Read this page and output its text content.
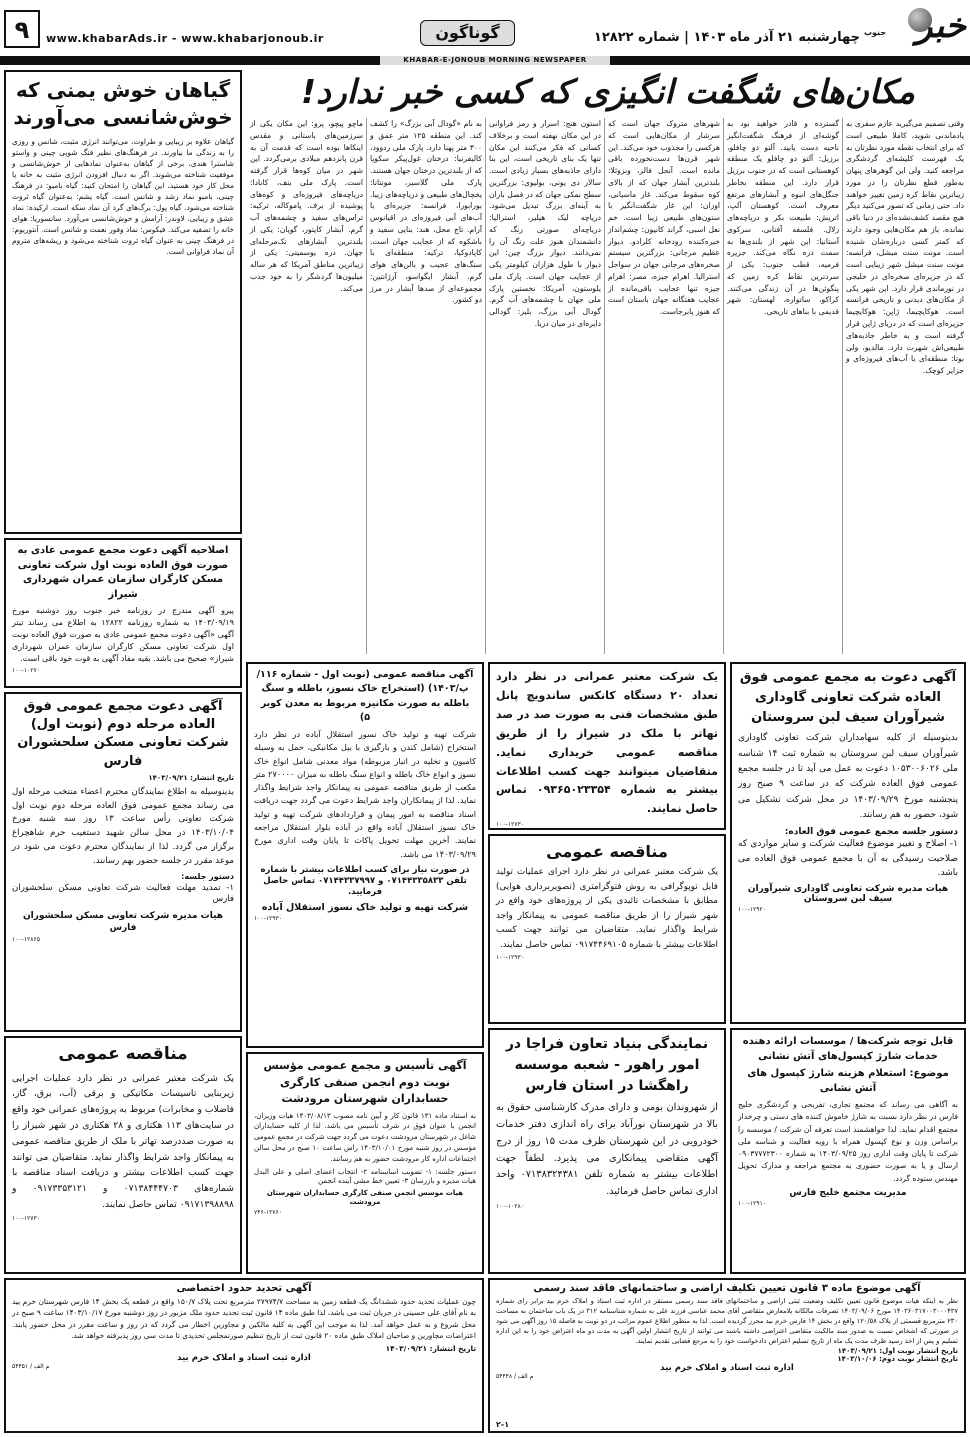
۹	www.khabarAds.ir - www.khabarjonoub.ir	گوناگون	چهارشنبه ۲۱ آذر ماه ۱۴۰۳ | شماره ۱۲۸۲۲	خبر
جنوب
KHABAR-E-JONOUB MORNING NEWSPAPER
گیاهان خوش یمنی که خوش‌شانسی می‌آورند
گیاهان علاوه بر زیبایی و طراوت، می‌توانند انرژی مثبت، شانس و روزی را به زندگی ما بیاورند. در فرهنگ‌های نظیر فنگ شویی چینی و واستو شاسترا هندی، برخی از گیاهان به‌عنوان نمادهایی از خوش‌شانسی و موفقیت شناخته می‌شوند. اگر به دنبال افزودن انرژی مثبت به خانه یا محل کار خود هستید، این گیاهان را امتحان کنید: گیاه بامبو: در فرهنگ چینی، بامبو نماد رشد و شانس است. گیاه یشم: به‌عنوان گیاه ثروت شناخته می‌شود. گیاه پول: برگ‌های گرد آن نماد سکه است. ارکیده: نماد عشق و زیبایی. لاوندر: آرامش و خوش‌شانسی می‌آورد. سانسوریا: هوای خانه را تصفیه می‌کند. فیکوس: نماد وفور نعمت و شانس است. آنتوریوم: در فرهنگ چینی به عنوان گیاه ثروت شناخته می‌شود و ریشه‌های متروم آن نماد فراوانی است.
مکان‌های شگفت انگیزی که کسی خبر ندارد!
وقتی تصمیم می‌گیرید عازم سفری به یادماندنی شوید، کاملا طبیعی است که برای انتخاب نقطه مورد نظرتان به یک فهرست کلیشه‌ای گردشگری مراجعه کنید. ولی این گوهرهای پنهان به‌طور قطع نظرتان را در مورد زیباترین نقاط کره زمین تغییر خواهند داد. حتی زمانی که تصور می‌کنید دیگر هیچ مقصد کشف‌نشده‌ای در دنیا باقی نمانده، باز هم مکان‌هایی وجود دارند که کمتر کسی درباره‌شان شنیده است. مونت سنت میشل، فرانسه: مونت سنت میشل شهر زیبایی است که در جزیره‌ای صخره‌ای در خلیجی در نورماندی قرار دارد. این شهر یکی از مکان‌های دیدنی و تاریخی فرانسه است. هوکایچیما، ژاپن: هوکایچیما جزیره‌ای است که در دریای ژاپن قرار گرفته است و به خاطر جاذبه‌های طبیعی‌اش شهرت دارد. مالدیو، ولی بوتا: منطقه‌ای با آب‌های فیروزه‌ای و جزایر کوچک.
گسترده و قادر خواهید بود به گوشه‌ای از فرهنگ شگفت‌انگیز ناحیه دست یابید. آلتو دو چافلو، برزیل: آلتو دو چافلو یک منطقه کوهستانی است که در جنوب برزیل قرار دارد. این منطقه بخاطر جنگل‌های انبوه و آبشارهای مرتفع معروف است. کوهستان آلپ، اتریش: طبیعت بکر و دریاچه‌های زلال. فلسفه آفتابی، سرکوی آستانیا: این شهر از بلندی‌ها به سمت دره نگاه می‌کند. جزیره فرمیه، قطب جنوب: یکی از سردترین نقاط کره زمین که پنگوئن‌ها در آن زندگی می‌کنند. کراکو، ساتواره، لهستان: شهر قدیمی با بناهای تاریخی.
شهرهای متروک جهان است که سرشار از مکان‌هایی است که هرکسی را مجذوب خود می‌کند. این شهر قرن‌ها دست‌نخورده باقی مانده است. آنجل فالز، ونزوئلا: بلندترین آبشار جهان که از بالای کوه سقوط می‌کند. غار ماسیانی، اوزان: این غار شگفت‌انگیز با ستون‌های طبیعی زیبا است. خم نعل اسبی، گراند کانیون: چشم‌انداز خیره‌کننده رودخانه کلرادو. دیوار عظیم مرجانی: بزرگترین سیستم صخره‌های مرجانی جهان در سواحل استرالیا. اهرام جیزه، مصر: اهرام جیزه تنها عجایب باقی‌مانده از عجایب هفتگانه جهان باستان است که هنوز پابرجاست.
استون هنج: اسرار و رمز فراوانی در این مکان نهفته است و برخلاف کسانی که فکر می‌کنند این مکان تنها یک بنای تاریخی است، این بنا دارای جاذبه‌های بسیار زیادی است. سالار دی یونی، بولیوی: بزرگترین سطح نمکی جهان که در فصل باران به آینه‌ای بزرگ تبدیل می‌شود. دریاچه لیک هیلیر، استرالیا: دریاچه‌ای صورتی رنگ که دانشمندان هنوز علت رنگ آن را نمی‌دانند. دیوار بزرگ چین: این دیوار با طول هزاران کیلومتر یکی از عجایب جهان است. پارک ملی یلوستون، آمریکا: نخستین پارک ملی جهان با چشمه‌های آب گرم. گودال آبی بزرگ، بلیز: گودالی دایره‌ای در میان دریا.
به نام «گودال آبی بزرگ» را کشف کند. این منطقه ۱۲۵ متر عمق و ۳۰۰ متر پهنا دارد. پارک ملی ردوود، کالیفرنیا: درختان غول‌پیکر سکویا که از بلندترین درختان جهان هستند. پارک ملی گلاسیر، مونتانا: یخچال‌های طبیعی و دریاچه‌های زیبا. بورابورا، فرانسه: جزیره‌ای با آب‌های آبی فیروزه‌ای در اقیانوس آرام. تاج محل، هند: بنایی سفید و باشکوه که از عجایب جهان است. کاپادوکیا، ترکیه: منطقه‌ای با سنگ‌های عجیب و بالن‌های هوای گرم. آبشار ایگواسو، آرژانتین: مجموعه‌ای از صدها آبشار در مرز دو کشور.
ماچو پیچو، پرو: این مکان یکی از سرزمین‌های باستانی و مقدس اینکاها بوده است که قدمت آن به قرن پانزدهم میلادی برمی‌گردد. این شهر در میان کوه‌ها قرار گرفته است. پارک ملی بنف، کانادا: دریاچه‌های فیروزه‌ای و کوه‌های پوشیده از برف. پاموکاله، ترکیه: تراس‌های سفید و چشمه‌های آب گرم. آبشار کایتور، گویان: یکی از بلندترین آبشارهای تک‌مرحله‌ای جهان. دره یوسمیتی: یکی از زیباترین مناطق آمریکا که هر ساله میلیون‌ها گردشگر را به خود جذب می‌کند.
اصلاحیه آگهی دعوت مجمع عمومی عادی به صورت فوق العاده نوبت اول شرکت تعاونی مسکن کارگران سازمان عمران شهرداری شیراز
پیرو آگهی مندرج در روزنامه خبر جنوب روز دوشنبه مورخ ۱۴۰۳/۰۹/۱۹ به شماره روزنامه ۱۲۸۲۲ به اطلاع می رساند تیتر آگهی «آگهی دعوت مجمع عمومی عادی به صورت فوق العاده نوبت اول شرکت تعاونی مسکن کارگران سازمان عمران شهرداری شیراز» صحیح می باشد. بقیه مفاد آگهی به قوت خود باقی است.
۱۰۰-۱۰۲۷۰
آگهی دعوت مجمع عمومی فوق العاده مرحله دوم (نوبت اول) شرکت تعاونی مسکن سلحشوران فارس
تاریخ انتشار: ۱۴۰۳/۰۹/۲۱
بدینوسیله به اطلاع نمایندگان محترم اعضاء منتخب مرحله اول می رساند مجمع عمومی فوق العاده مرحله دوم نوبت اول شرکت تعاونی رأس ساعت ۱۳ روز سه شنبه مورخ ۱۴۰۳/۱۰/۰۴ در محل سالن شهید دستغیب حرم شاهچراغ برگزار می گردد. لذا از نمایندگان محترم دعوت می شود در موعد مقرر در جلسه حضور بهم رسانند.
دستور جلسه:
۱- تمدید مهلت فعالیت شرکت تعاونی مسکن سلحشوران فارس
هیات مدیره شرکت تعاونی مسکن سلحشوران فارس
۱۰۰-۱۲۸۶۵
مناقصه عمومی
یک شرکت معتبر عمرانی در نظر دارد عملیات اجرایی زیربنایی تاسیسات مکانیکی و برقی (آب، برق، گاز، فاضلاب و مخابرات) مربوط به پروژه‌های عمرانی خود واقع در سایت‌های ۱۱۳ هکتاری و ۲۸ هکتاری در شهر شیراز را به صورت صددرصد تهاتر با ملک از طریق مناقصه عمومی به پیمانکار واجد شرایط واگذار نماید. متقاضیان می توانند جهت کسب اطلاعات بیشتر و دریافت اسناد مناقصه با شماره‌های ۰۷۱۳۸۴۴۴۷۰۳ و ۰۹۱۷۳۳۵۳۱۲۱ و ۰۹۱۷۱۳۹۸۸۹۸ تماس حاصل نمایند.
۱۰۰-۱۲۷۳۰
آگهی مناقصه عمومی (نوبت اول - شماره ۱۱۶/پ/۱۴۰۳) (استخراج خاک نسوز، باطله و سنگ باطله به صورت مکانیزه مربوط به معدن کوبر ۵)
شرکت تهیه و تولید خاک نسوز استقلال آباده در نظر دارد استخراج (شامل کندن و بارگیری با بیل مکانیکی، حمل به وسیله کامیون و تخلیه در انبار مربوطه) مواد معدنی شامل انواع خاک نسوز و انواع خاک باطله و انواع سنگ باطله به میزان ۲۷۰۰۰۰ متر مکعب از طریق مناقصه عمومی به پیمانکار واجد شرایط واگذار نماید. لذا از پیمانکاران واجد شرایط دعوت می گردد جهت دریافت اسناد مناقصه به امور پیمان و قراردادهای شرکت تهیه و تولید خاک نسوز استقلال آباده واقع در آباده بلوار استقلال مراجعه نمایند. آخرین مهلت تحویل پاکات تا پایان وقت اداری مورخ ۱۴۰۳/۰۹/۲۹ می باشد.
در صورت نیاز برای کسب اطلاعات بیشتر با شماره تلفن ۰۷۱۴۴۳۳۵۸۳۳ و ۰۷۱۴۴۳۳۷۹۹۷ تماس حاصل فرمایید.
شرکت تهیه و تولید خاک نسوز استقلال آباده
۱۰۰-۱۲۹۳۰
آگهی تأسیس و مجمع عمومی مؤسس نوبت دوم انجمن صنفی کارگری حسابداران شهرستان مرودشت
به استناد ماده ۱۳۱ قانون کار و آیین نامه مصوب ۱۴۰۳/۰۸/۱۳ هیات وزیران، انجمن با عنوان فوق در شرف تأسیس می باشد. لذا از کلیه حسابداران شاغل در شهرستان مرودشت دعوت می گردد جهت شرکت در مجمع عمومی مؤسس در روز شنبه مورخ ۱۴۰۳/۱۰/۰۱ راس ساعت ۱۰ صبح در محل سالن اجتماعات اداره کار مرودشت حضور به هم رسانند.
دستور جلسه: ۱- تصویب اساسنامه ۲- انتخاب اعضای اصلی و علی البدل هیات مدیره و بازرسان ۳- تعیین خط مشی آینده انجمن
هیات موسس انجمن صنفی کارگری حسابداران شهرستان مرودشت
۷۴۶-۱۲۷۶۰
یک شرکت معتبر عمرانی در نظر دارد تعداد ۲۰ دستگاه کانکس ساندویچ پانل طبق مشخصات فنی به صورت صد در صد تهاتر با ملک در شیراز را از طریق مناقصه عمومی خریداری نماید. متقاضیان میتوانند جهت کسب اطلاعات بیشتر به شماره ۰۹۳۶۵۰۲۳۳۵۴ تماس حاصل نمایند.
۱۰۰-۱۲۷۳۰
مناقصه عمومی
یک شرکت معتبر عمرانی در نظر دارد اجرای عملیات تولید فایل توپوگرافی به روش فتوگرامتری (تصویربرداری هوایی) مطابق با مشخصات تائیدی یکی از پروژه‌های خود واقع در شهر شیراز را از طریق مناقصه عمومی به پیمانکار واجد شرایط واگذار نماید. متقاضیان می توانند جهت کسب اطلاعات بیشتر با شماره ۰۹۱۷۴۴۶۹۱۰۵ تماس حاصل نمایند.
۱۰۰-۱۲۹۳۰
نمایندگی بنیاد تعاون فراجا در امور راهور - شعبه موسسه راهگشا در استان فارس
از شهروندان بومی و دارای مدرک کارشناسی حقوق به بالا در شهرستان نورآباد برای راه اندازی دفتر خدمات خودرویی در این شهرستان ظرف مدت ۱۵ روز از درج آگهی متقاضی پیمانکاری می پذیرد. لطفاً جهت اطلاعات بیشتر به شماره تلفن ۰۷۱۳۸۳۲۴۳۸۱ واحد اداری تماس حاصل فرمائید.
۱۰۰-۱۰۲۸۰
آگهی دعوت به مجمع عمومی فوق العاده شرکت تعاونی گاوداری شیرآوران سیف لبن سروستان
بدینوسیله از کلیه سهامداران شرکت تعاونی گاوداری شیرآوران سیف لبن سروستان به شماره ثبت ۱۴ شناسه ملی ۱۰۵۳۰۰۶۰۲۶ دعوت به عمل می آید تا در جلسه مجمع عمومی فوق العاده شرکت که در ساعت ۹ صبح روز پنجشنبه مورخ ۱۴۰۳/۰۹/۲۹ در محل شرکت تشکیل می شود، حضور به هم رسانند.
دستور جلسه مجمع عمومی فوق العاده:
۱- اصلاح و تغییر موضوع فعالیت شرکت و سایر مواردی که صلاحیت رسیدگی به آن با مجمع عمومی فوق العاده می باشد.
هیات مدیره شرکت تعاونی گاوداری شیرآوران سیف لبن سروستان
۱۰۰-۱۲۹۲۰
قابل توجه شرکت‌ها / موسسات ارائه دهنده خدمات شارژ کپسول‌های آتش نشانی
موضوع: استعلام هزینه شارژ کپسول های آتش نشانی
به آگاهی می رساند که مجتمع تجاری، تفریحی و گردشگری خلیج فارس در نظر دارد نسبت به شارژ خاموش کننده های دستی و چرخدار مجتمع اقدام نماید. لذا خواهشمند است تعرفه آن شرکت / موسسه را براساس وزن و نوع کپسول همراه با رویه فعالیت و شناسه ملی شرکت تا پایان وقت اداری روز ۱۴۰۳/۰۹/۲۵ به شماره ۰۹۰۳۷۷۷۲۳۰۰ ارسال و یا به صورت حضوری به مجتمع مراجعه و مدارک تحویل مهندس ستوده گردد.
مدیریت مجتمع خلیج فارس
۱۰۰-۱۲۹۱۰
آگهی تحدید حدود اختصاصی
چون عملیات تحدید حدود ششدانگ یک قطعه زمین به مساحت ۲۷۹۷۴/۷ مترمربع تحت پلاک ۱۵۰/۷ واقع در قطعه یک بخش ۱۴ فارس شهرستان خرم بید به نام آقای علی حسینی در جریان ثبت می باشد، لذا طبق ماده ۱۴ قانون ثبت تحدید حدود ملک مزبور در روز دوشنبه مورخ ۱۴۰۳/۱۰/۱۷ ساعت ۹ صبح در محل شروع و به عمل خواهد آمد. لذا به موجب این آگهی به کلیه مالکین و مجاورین اخطار می گردد که در روز و ساعت مقرر در محل حضور یابند. اعتراضات مجاورین و صاحبان املاک طبق ماده ۲۰ قانون ثبت از تاریخ تنظیم صورتمجلس تحدیدی تا مدت سی روز پذیرفته خواهد شد.
تاریخ انتشار: ۱۴۰۳/۰۹/۲۱
اداره ثبت اسناد و املاک خرم بید
۵۴۴۵۱ / م الف
آگهی موضوع ماده ۳ قانون تعیین تکلیف اراضی و ساختمانهای فاقد سند رسمی
نظر به اینکه هیات موضوع قانون تعیین تکلیف وضعیت ثبتی اراضی و ساختمانهای فاقد سند رسمی مستقر در اداره ثبت اسناد و املاک خرم بید برابر رای شماره ۱۴۰۳۶۰۳۱۷۰۰۳۰۰۰۴۳۷ مورخ ۱۴۰۳/۰۹/۰۶ تصرفات مالکانه بلامعارض متقاضی آقای محمد عباسی فرزند علی به شماره شناسنامه ۳۱۲ در یک باب ساختمان به مساحت ۲۳۰ مترمربع قسمتی از پلاک ۱۲۰/۵۸ واقع در بخش ۱۴ فارس خرم بید محرز گردیده است. لذا به منظور اطلاع عموم مراتب در دو نوبت به فاصله ۱۵ روز آگهی می شود در صورتی که اشخاص نسبت به صدور سند مالکیت متقاضی اعتراضی داشته باشند می توانند از تاریخ انتشار اولین آگهی به مدت دو ماه اعتراض خود را به این اداره تسلیم و پس از اخذ رسید ظرف مدت یک ماه از تاریخ تسلیم اعتراض دادخواست خود را به مرجع قضایی تقدیم نمایند.
تاریخ انتشار نوبت اول: ۱۴۰۳/۰۹/۲۱
تاریخ انتشار نوبت دوم: ۱۴۰۳/۱۰/۰۶
اداره ثبت اسناد و املاک خرم بید
۵۴۴۴۸ / م الف
۲-۱
